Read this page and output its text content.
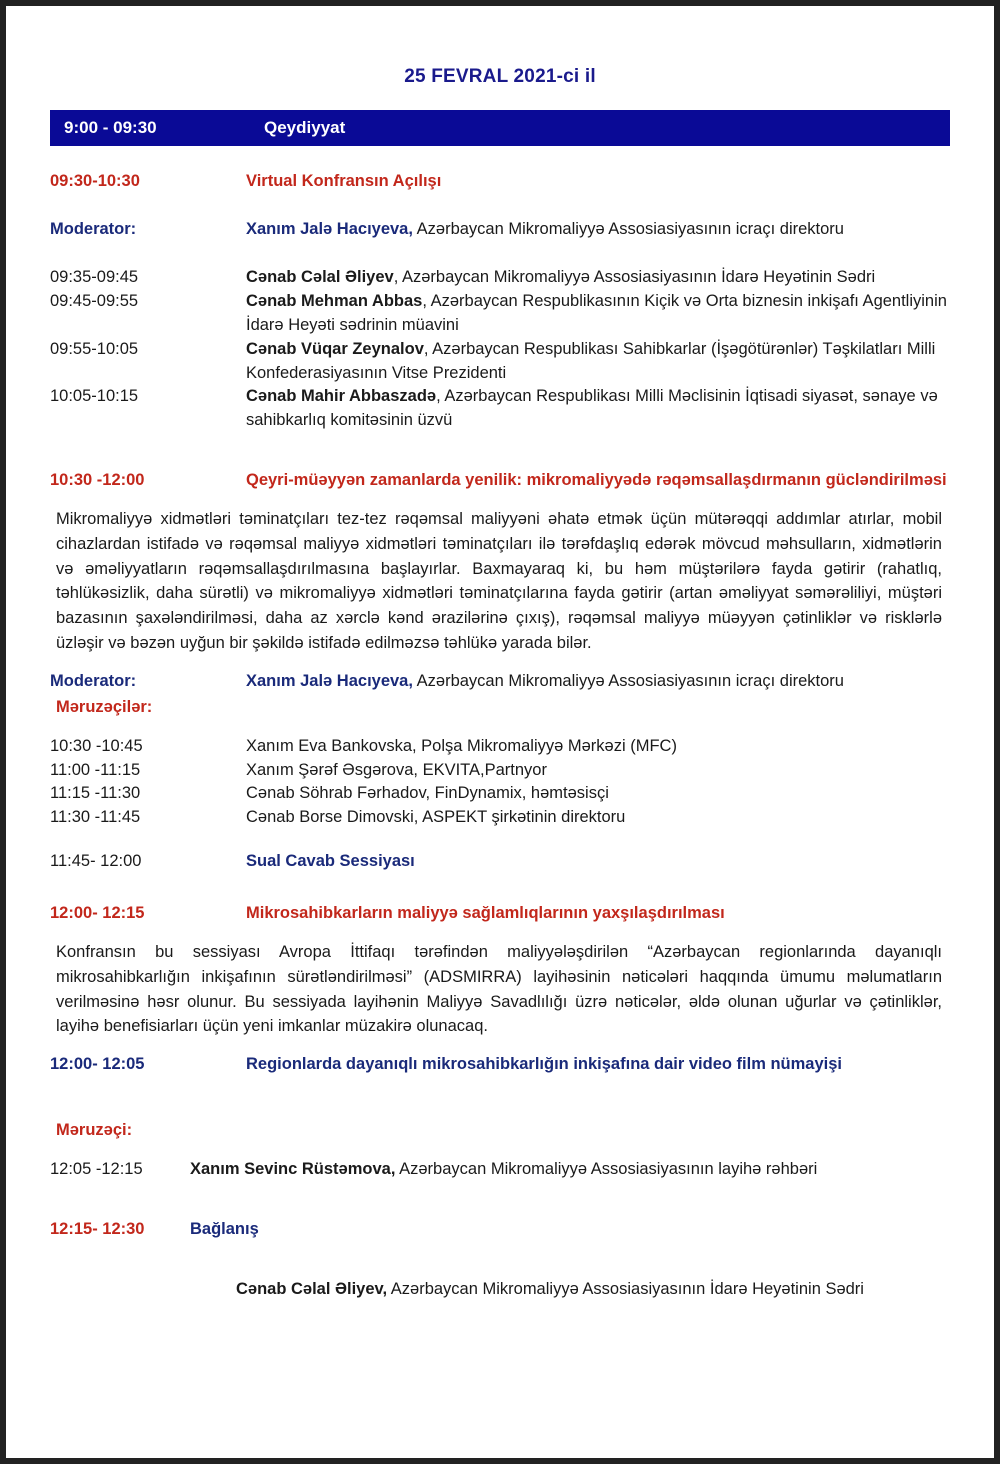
25 FEVRAL 2021-ci il
9:00 - 09:30	Qeydiyyat
09:30-10:30	Virtual Konfransın Açılışı
Moderator:	Xanım Jalə Hacıyeva, Azərbaycan Mikromaliyyə Assosiasiyasının icraçı direktoru
09:35-09:45	Cənab Cəlal Əliyev, Azərbaycan Mikromaliyyə Assosiasiyasının İdarə Heyətinin Sədri
09:45-09:55	Cənab Mehman Abbas, Azərbaycan Respublikasının Kiçik və Orta biznesin inkişafı Agentliyinin İdarə Heyəti sədrinin müavini
09:55-10:05	Cənab Vüqar Zeynalov, Azərbaycan Respublikası Sahibkarlar (İşəgötürənlər) Təşkilatları Milli Konfederasiyasının Vitse Prezidenti
10:05-10:15	Cənab Mahir Abbaszadə, Azərbaycan Respublikası Milli Məclisinin İqtisadi siyasət, sənaye və sahibkarlıq komitəsinin üzvü
10:30 -12:00	Qeyri-müəyyən zamanlarda yenilik: mikromaliyyədə rəqəmsallaşdırmanın gücləndirilməsi
Mikromaliyyə xidmətləri təminatçıları tez-tez rəqəmsal maliyyəni əhatə etmək üçün mütərəqqi addımlar atırlar, mobil cihazlardan istifadə və rəqəmsal maliyyə xidmətləri təminatçıları ilə tərəfdaşlıq edərək mövcud məhsulların, xidmətlərin və əməliyyatların rəqəmsallaşdırılmasına başlayırlar. Baxmayaraq ki, bu həm müştərilərə fayda gətirir (rahatlıq, təhlükəsizlik, daha sürətli) və mikromaliyyə xidmətləri təminatçılarına fayda gətirir (artan əməliyyat səmərəliliyi, müştəri bazasının şaxələndirilməsi, daha az xərclə kənd ərazilərinə çıxış), rəqəmsal maliyyə müəyyən çətinliklər və risklərlə üzləşir və bəzən uyğun bir şəkildə istifadə edilməzsə təhlükə yarada bilər.
Moderator:	Xanım Jalə Hacıyeva, Azərbaycan Mikromaliyyə Assosiasiyasının icraçı direktoru
Məruzəçilər:
10:30 -10:45	Xanım Eva Bankovska, Polşa Mikromaliyyə Mərkəzi (MFC)
11:00 -11:15	Xanım Şərəf Əsgərova, EKVITA,Partnyor
11:15 -11:30	Cənab Söhrab Fərhadov, FinDynamix, həmtəsisçi
11:30 -11:45	Cənab Borse Dimovski, ASPEKT şirkətinin direktoru
11:45- 12:00	Sual Cavab Sessiyası
12:00- 12:15	Mikrosahibkarların maliyyə sağlamlıqlarının yaxşılaşdırılması
Konfransın bu sessiyası Avropa İttifaqı tərəfindən maliyyələşdirilən “Azərbaycan regionlarında dayanıqlı mikrosahibkarlığın inkişafının sürətləndirilməsi” (ADSMIRRA) layihəsinin nəticələri haqqında ümumu məlumatların verilməsinə həsr olunur. Bu sessiyada layihənin Maliyyə Savadlılığı üzrə nəticələr, əldə olunan uğurlar və çətinliklər, layihə benefisiarları üçün yeni imkanlar müzakirə olunacaq.
12:00- 12:05	Regionlarda dayanıqlı mikrosahibkarlığın inkişafına dair video film nümayişi
Məruzəçi:
12:05 -12:15	Xanım Sevinc Rüstəmova, Azərbaycan Mikromaliyyə Assosiasiyasının layihə rəhbəri
12:15- 12:30	Bağlanış
Cənab Cəlal Əliyev, Azərbaycan Mikromaliyyə Assosiasiyasının İdarə Heyətinin Sədri
